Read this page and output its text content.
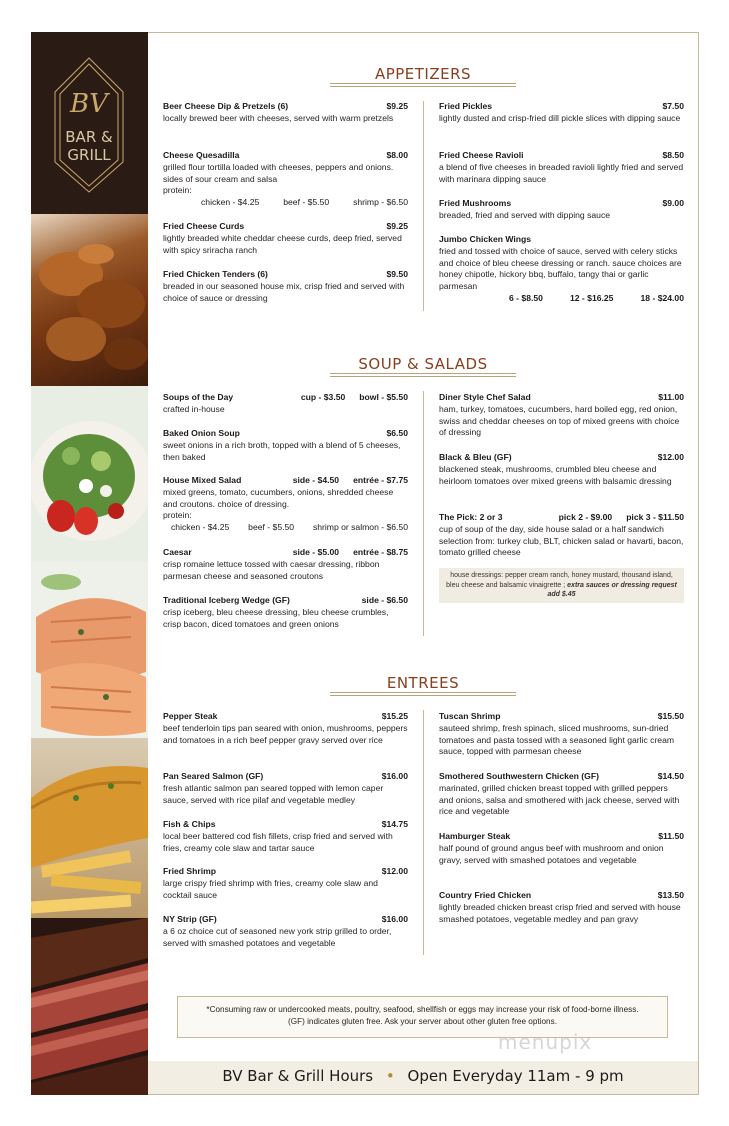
BV
BAR &
GRILL
APPETIZERS
Beer Cheese Dip & Pretzels (6)	$9.25
locally brewed beer with cheeses, served with warm pretzels
Cheese Quesadilla	$8.00
grilled flour tortilla loaded with cheeses, peppers and onions. sides of sour cream and salsa
protein:
chicken - $4.25	beef - $5.50	shrimp - $6.50
Fried Cheese Curds	$9.25
lightly breaded white cheddar cheese curds, deep fried, served with spicy sriracha ranch
Fried Chicken Tenders (6)	$9.50
breaded in our seasoned house mix, crisp fried and served with choice of sauce or dressing
Fried Pickles	$7.50
lightly dusted and crisp-fried dill pickle slices with dipping sauce
Fried Cheese Ravioli	$8.50
a blend of five cheeses in breaded ravioli lightly fried and served with marinara dipping sauce
Fried Mushrooms	$9.00
breaded, fried and served with dipping sauce
Jumbo Chicken Wings
fried and tossed with choice of sauce, served with celery sticks and choice of bleu cheese dressing or ranch. sauce choices are honey chipotle, hickory bbq, buffalo, tangy thai or garlic parmesan
6 - $8.50	12 - $16.25	18 - $24.00
SOUP & SALADS
Soups of the Day	cup - $3.50 bowl - $5.50
crafted in-house
Baked Onion Soup	$6.50
sweet onions in a rich broth, topped with a blend of 5 cheeses, then baked
House Mixed Salad	side - $4.50 entrée - $7.75
mixed greens, tomato, cucumbers, onions, shredded cheese and croutons. choice of dressing.
protein:
chicken - $4.25 beef - $5.50 shrimp or salmon - $6.50
Caesar	side - $5.00 entrée - $8.75
crisp romaine lettuce tossed with caesar dressing, ribbon parmesan cheese and seasoned croutons
Traditional Iceberg Wedge (GF)	side - $6.50
crisp iceberg, bleu cheese dressing, bleu cheese crumbles, crisp bacon, diced tomatoes and green onions
Diner Style Chef Salad	$11.00
ham, turkey, tomatoes, cucumbers, hard boiled egg, red onion, swiss and cheddar cheeses on top of mixed greens with choice of dressing
Black & Bleu (GF)	$12.00
blackened steak, mushrooms, crumbled bleu cheese and heirloom tomatoes over mixed greens with balsamic dressing
The Pick: 2 or 3	pick 2 - $9.00 pick 3 - $11.50
cup of soup of the day, side house salad or a half sandwich selection from: turkey club, BLT, chicken salad or havarti, bacon, tomato grilled cheese
house dressings: pepper cream ranch, honey mustard, thousand island, bleu cheese and balsamic vinaigrette ; extra sauces or dressing request add $.45
ENTREES
Pepper Steak	$15.25
beef tenderloin tips pan seared with onion, mushrooms, peppers and tomatoes in a rich beef pepper gravy served over rice
Pan Seared Salmon (GF)	$16.00
fresh atlantic salmon pan seared topped with lemon caper sauce, served with rice pilaf and vegetable medley
Fish & Chips	$14.75
local beer battered cod fish fillets, crisp fried and served with fries, creamy cole slaw and tartar sauce
Fried Shrimp	$12.00
large crispy fried shrimp with fries, creamy cole slaw and cocktail sauce
NY Strip (GF)	$16.00
a 6 oz choice cut of seasoned new york strip grilled to order, served with smashed potatoes and vegetable
Tuscan Shrimp	$15.50
sauteed shrimp, fresh spinach, sliced mushrooms, sun-dried tomatoes and pasta tossed with a seasoned light garlic cream sauce, topped with parmesan cheese
Smothered Southwestern Chicken (GF)	$14.50
marinated, grilled chicken breast topped with grilled peppers and onions, salsa and smothered with jack cheese, served with rice and vegetable
Hamburger Steak	$11.50
half pound of ground angus beef with mushroom and onion gravy, served with smashed potatoes and vegetable
Country Fried Chicken	$13.50
lightly breaded chicken breast crisp fried and served with house smashed potatoes, vegetable medley and pan gravy
*Consuming raw or undercooked meats, poultry, seafood, shellfish or eggs may increase your risk of food-borne illness.
(GF) indicates gluten free. Ask your server about other gluten free options.
menupix
BV Bar & Grill Hours • Open Everyday 11am - 9 pm
